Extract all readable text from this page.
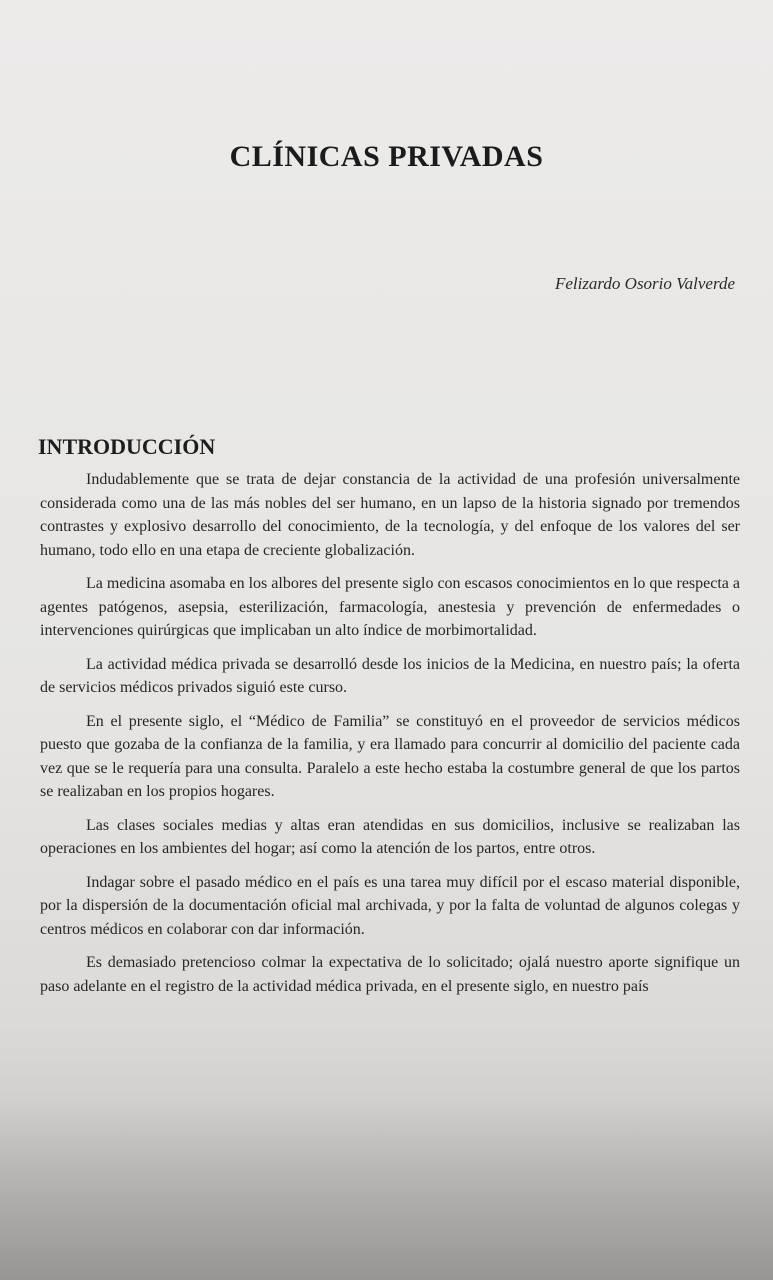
CLÍNICAS PRIVADAS
Felizardo Osorio Valverde
INTRODUCCIÓN

Indudablemente que se trata de dejar constancia de la actividad de una profesión universalmente considerada como una de las más nobles del ser humano, en un lapso de la historia signado por tremendos contrastes y explosivo desarrollo del conocimiento, de la tecnología, y del enfoque de los valores del ser humano, todo ello en una etapa de creciente globalización.

La medicina asomaba en los albores del presente siglo con escasos conocimientos en lo que respecta a agentes patógenos, asepsia, esterilización, farmacología, anestesia y prevención de enfermedades o intervenciones quirúrgicas que implicaban un alto índice de morbimortalidad.

La actividad médica privada se desarrolló desde los inicios de la Medicina, en nuestro país; la oferta de servicios médicos privados siguió este curso.

En el presente siglo, el “Médico de Familia” se constituyó en el proveedor de servicios médicos puesto que gozaba de la confianza de la familia, y era llamado para concurrir al domicilio del paciente cada vez que se le requería para una consulta. Paralelo a este hecho estaba la costumbre general de que los partos se realizaban en los propios hogares.

Las clases sociales medias y altas eran atendidas en sus domicilios, inclusive se realizaban las operaciones en los ambientes del hogar; así como la atención de los partos, entre otros.

Indagar sobre el pasado médico en el país es una tarea muy difícil por el escaso material disponible, por la dispersión de la documentación oficial mal archivada, y por la falta de voluntad de algunos colegas y centros médicos en colaborar con dar información.

Es demasiado pretencioso colmar la expectativa de lo solicitado; ojalá nuestro aporte signifique un paso adelante en el registro de la actividad médica privada, en el presente siglo, en nuestro país
